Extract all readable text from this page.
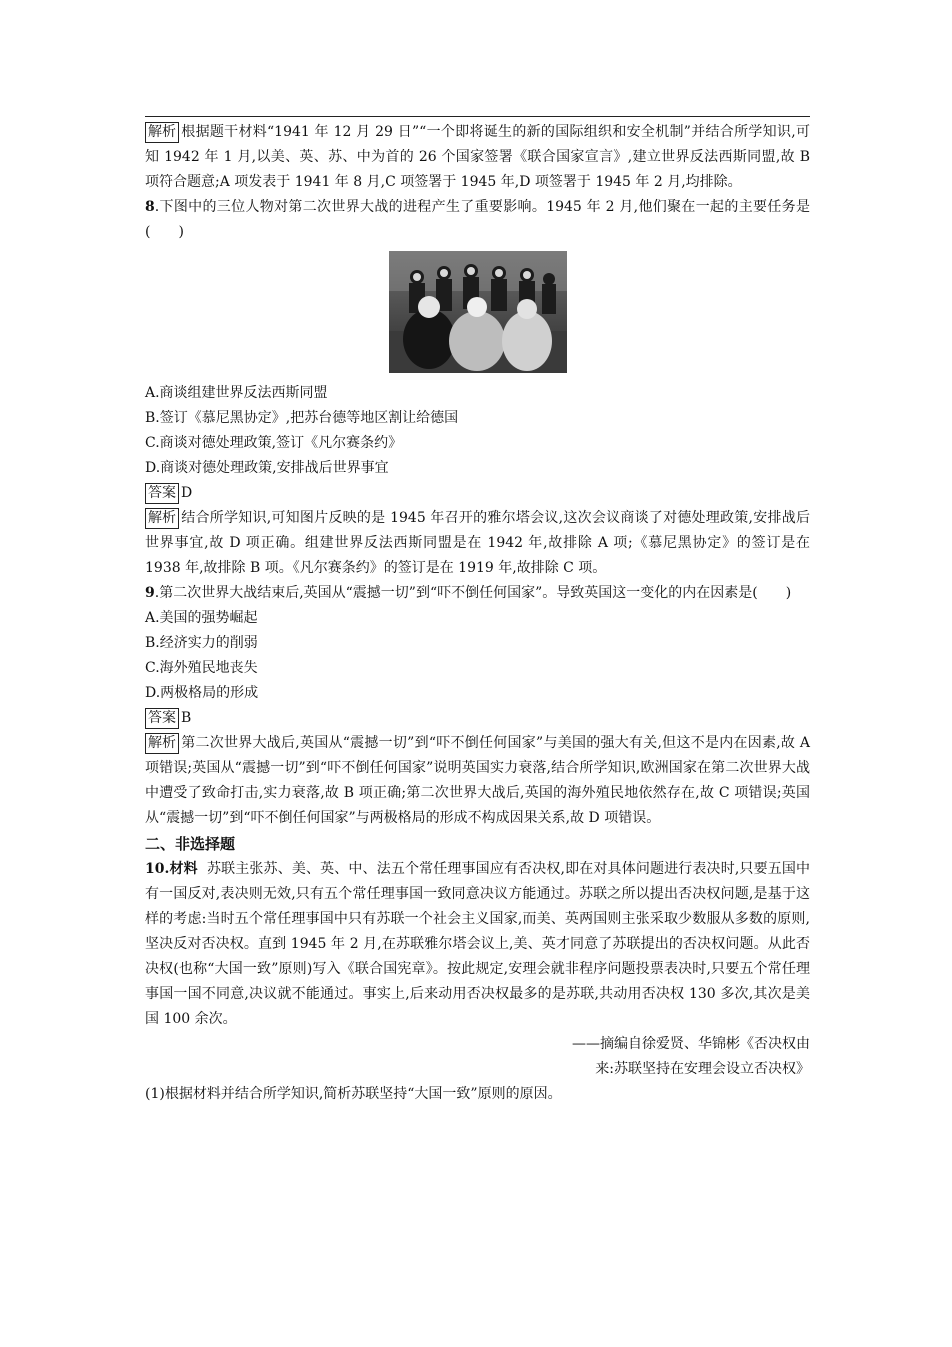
解析 根据题干材料“1941 年 12 月 29 日”“一个即将诞生的新的国际组织和安全机制”并结合所学知识,可知 1942 年 1 月,以美、英、苏、中为首的 26 个国家签署《联合国家宣言》,建立世界反法西斯同盟,故 B 项符合题意;A 项发表于 1941 年 8 月,C 项签署于 1945 年,D 项签署于 1945 年 2 月,均排除。

8.下图中的三位人物对第二次世界大战的进程产生了重要影响。1945 年 2 月,他们聚在一起的主要任务是(　　)

A.商谈组建世界反法西斯同盟

B.签订《慕尼黑协定》,把苏台德等地区割让给德国

C.商谈对德处理政策,签订《凡尔赛条约》

D.商谈对德处理政策,安排战后世界事宜

答案 D

解析 结合所学知识,可知图片反映的是 1945 年召开的雅尔塔会议,这次会议商谈了对德处理政策,安排战后世界事宜,故 D 项正确。组建世界反法西斯同盟是在 1942 年,故排除 A 项;《慕尼黑协定》的签订是在 1938 年,故排除 B 项。《凡尔赛条约》的签订是在 1919 年,故排除 C 项。

9.第二次世界大战结束后,英国从“震撼一切”到“吓不倒任何国家”。导致英国这一变化的内在因素是(　　)

A.美国的强势崛起

B.经济实力的削弱

C.海外殖民地丧失

D.两极格局的形成

答案 B

解析 第二次世界大战后,英国从“震撼一切”到“吓不倒任何国家”与美国的强大有关,但这不是内在因素,故 A 项错误;英国从“震撼一切”到“吓不倒任何国家”说明英国实力衰落,结合所学知识,欧洲国家在第二次世界大战中遭受了致命打击,实力衰落,故 B 项正确;第二次世界大战后,英国的海外殖民地依然存在,故 C 项错误;英国从“震撼一切”到“吓不倒任何国家”与两极格局的形成不构成因果关系,故 D 项错误。

二、非选择题

10.材料 苏联主张苏、美、英、中、法五个常任理事国应有否决权,即在对具体问题进行表决时,只要五国中有一国反对,表决则无效,只有五个常任理事国一致同意决议方能通过。苏联之所以提出否决权问题,是基于这样的考虑:当时五个常任理事国中只有苏联一个社会主义国家,而美、英两国则主张采取少数服从多数的原则,坚决反对否决权。直到 1945 年 2 月,在苏联雅尔塔会议上,美、英才同意了苏联提出的否决权问题。从此否决权(也称“大国一致”原则)写入《联合国宪章》。按此规定,安理会就非程序问题投票表决时,只要五个常任理事国一国不同意,决议就不能通过。事实上,后来动用否决权最多的是苏联,共动用否决权 130 多次,其次是美国 100 余次。

——摘编自徐爱贤、华锦彬《否决权由

来:苏联坚持在安理会设立否决权》

(1)根据材料并结合所学知识,简析苏联坚持“大国一致”原则的原因。
